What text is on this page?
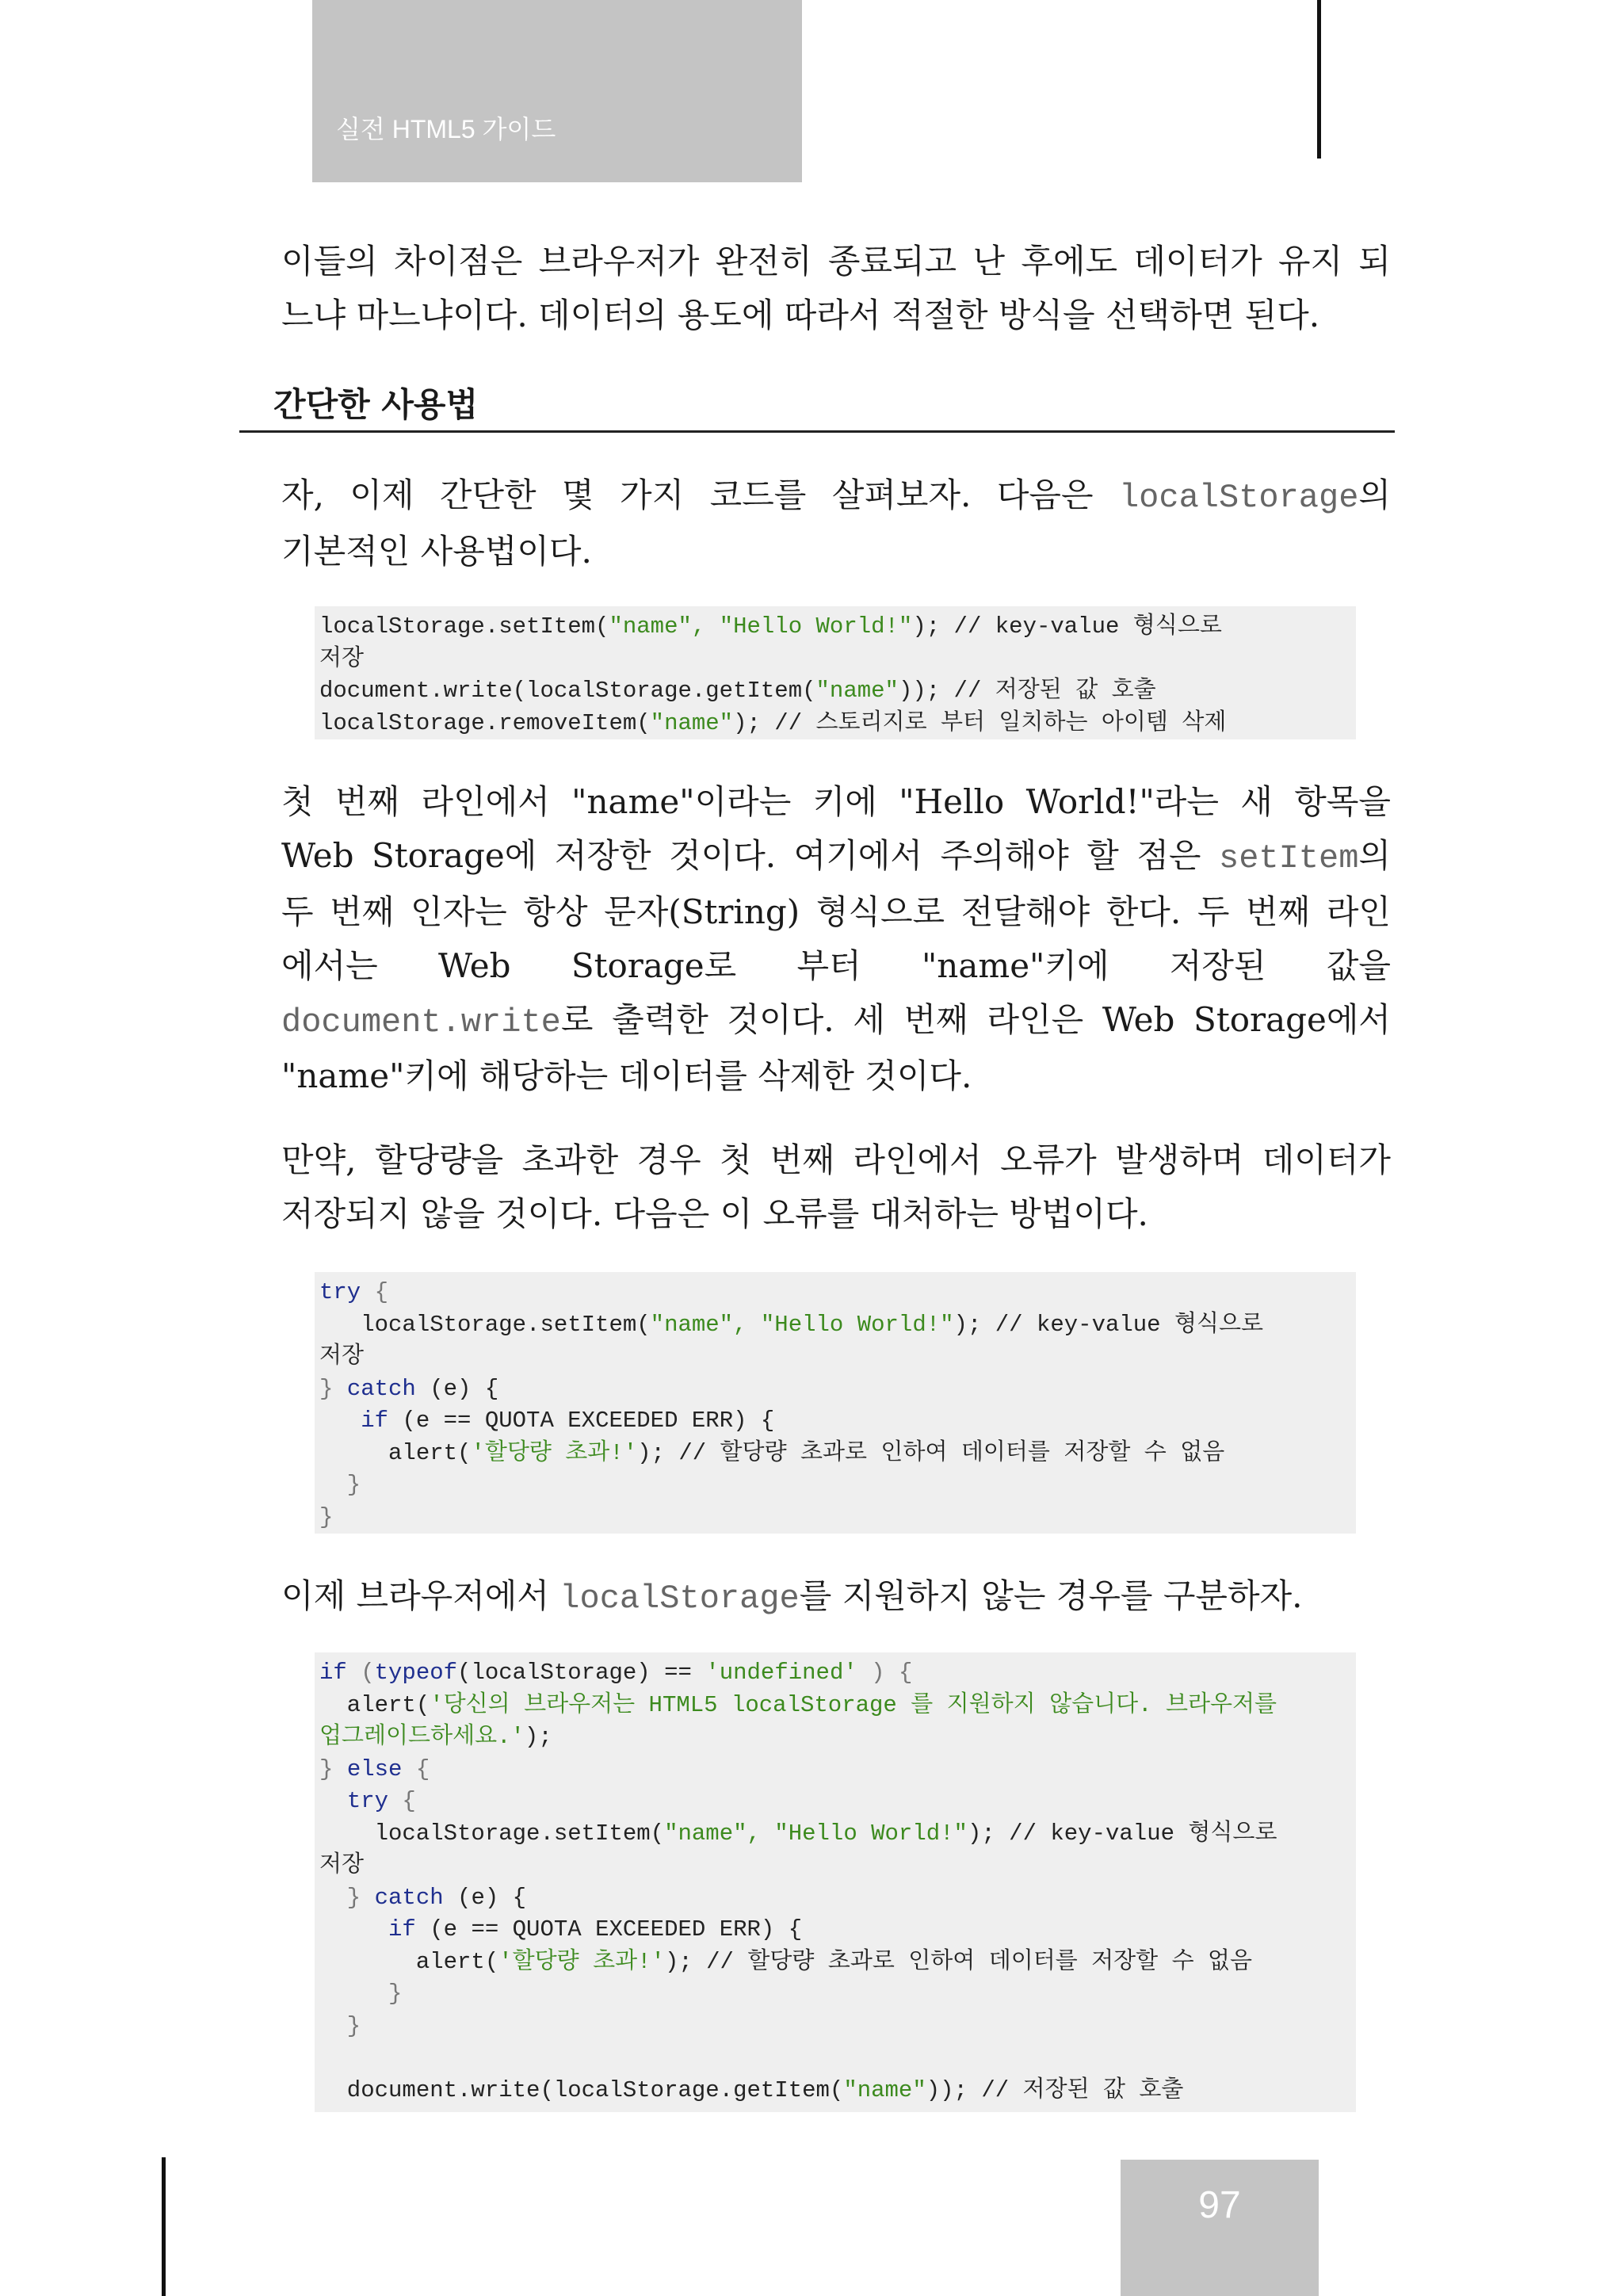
실전 HTML5 가이드

이들의 차이점은 브라우저가 완전히 종료되고 난 후에도 데이터가 유지 되
느냐 마느냐이다. 데이터의 용도에 따라서 적절한 방식을 선택하면 된다.

간단한 사용법

자, 이제 간단한 몇 가지 코드를 살펴보자. 다음은 localStorage의
기본적인 사용법이다.

localStorage.setItem("name", "Hello World!"); // key-value 형식으로
저장
document.write(localStorage.getItem("name")); // 저장된 값 호출
localStorage.removeItem("name"); // 스토리지로 부터 일치하는 아이템 삭제

첫 번째 라인에서 "name"이라는 키에 "Hello World!"라는 새 항목을
Web Storage에 저장한 것이다. 여기에서 주의해야 할 점은 setItem의
두 번째 인자는 항상 문자(String) 형식으로 전달해야 한다. 두 번째 라인
에서는 Web Storage로 부터 "name"키에 저장된 값을
document.write로 출력한 것이다. 세 번째 라인은 Web Storage에서
"name"키에 해당하는 데이터를 삭제한 것이다.

만약, 할당량을 초과한 경우 첫 번째 라인에서 오류가 발생하며 데이터가
저장되지 않을 것이다. 다음은 이 오류를 대처하는 방법이다.

try {
localStorage.setItem("name", "Hello World!"); // key-value 형식으로
저장
} catch (e) {
if (e == QUOTA EXCEEDED ERR) {
alert('할당량 초과!'); // 할당량 초과로 인하여 데이터를 저장할 수 없음
}
}

이제 브라우저에서 localStorage를 지원하지 않는 경우를 구분하자.

if (typeof(localStorage) == 'undefined' ) {
alert('당신의 브라우저는 HTML5 localStorage 를 지원하지 않습니다. 브라우저를
업그레이드하세요.');
} else {
try {
localStorage.setItem("name", "Hello World!"); // key-value 형식으로
저장
} catch (e) {
if (e == QUOTA EXCEEDED ERR) {
alert('할당량 초과!'); // 할당량 초과로 인하여 데이터를 저장할 수 없음
}
}
document.write(localStorage.getItem("name")); // 저장된 값 호출
97
